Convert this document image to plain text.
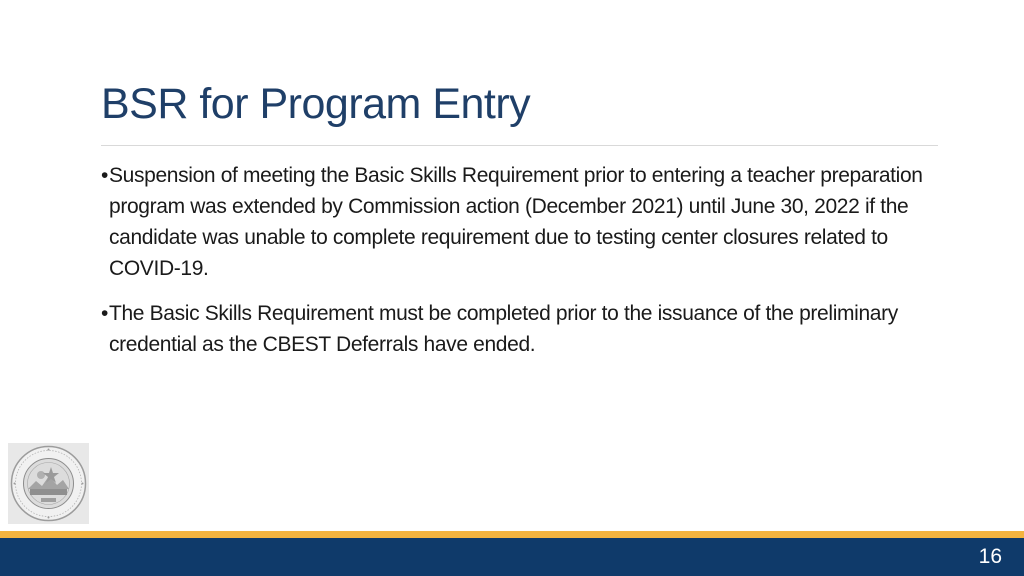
BSR for Program Entry
• Suspension of meeting the Basic Skills Requirement prior to entering a teacher preparation program was extended by Commission action (December 2021) until June 30, 2022 if the candidate was unable to complete requirement due to testing center closures related to COVID-19.
• The Basic Skills Requirement must be completed prior to the issuance of the preliminary credential as the CBEST Deferrals have ended.
16
